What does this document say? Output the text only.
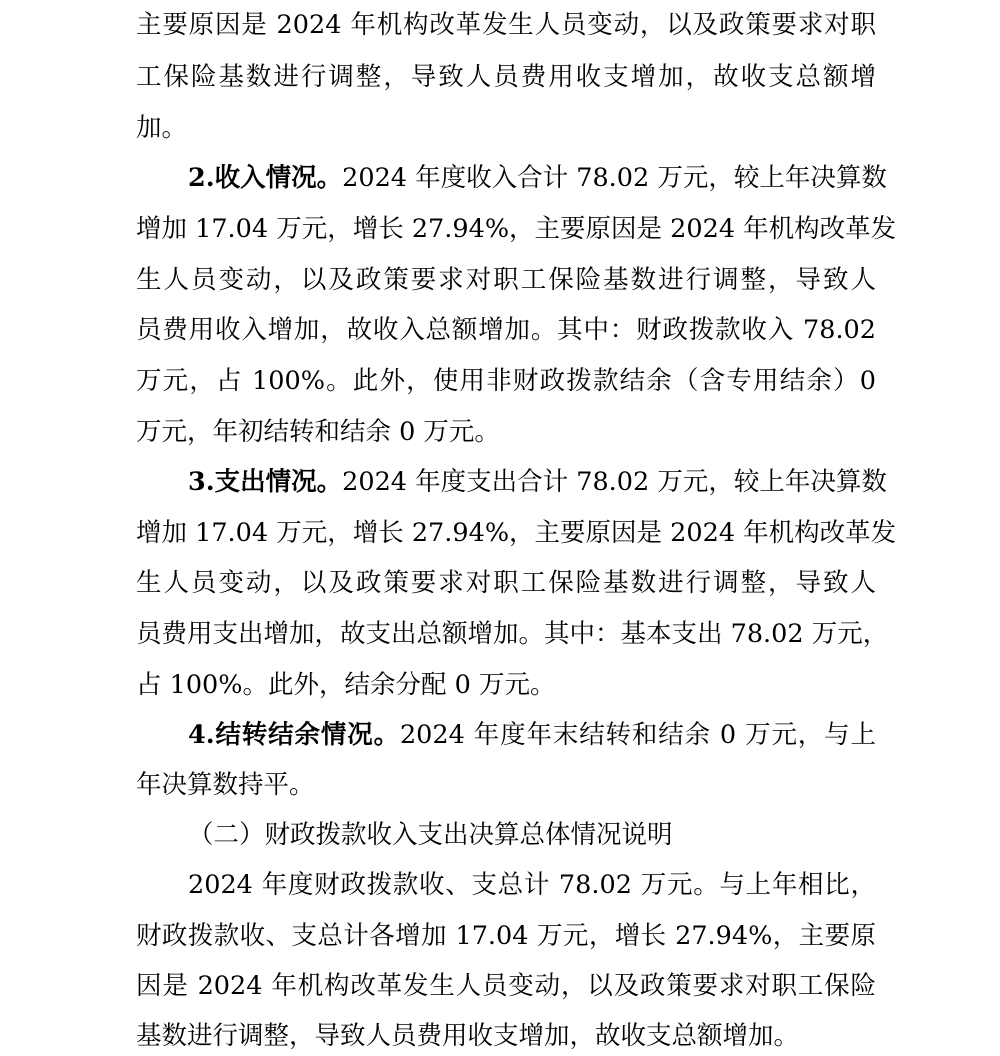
主要原因是 2024 年机构改革发生人员变动，以及政策要求对职
工保险基数进行调整，导致人员费用收支增加，故收支总额增
加。
2.收入情况。2024 年度收入合计 78.02 万元，较上年决算数
增加 17.04 万元，增长 27.94%，主要原因是 2024 年机构改革发
生人员变动，以及政策要求对职工保险基数进行调整，导致人
员费用收入增加，故收入总额增加。其中：财政拨款收入 78.02
万元，占 100%。此外，使用非财政拨款结余（含专用结余）0
万元，年初结转和结余 0 万元。
3.支出情况。2024 年度支出合计 78.02 万元，较上年决算数
增加 17.04 万元，增长 27.94%，主要原因是 2024 年机构改革发
生人员变动，以及政策要求对职工保险基数进行调整，导致人
员费用支出增加，故支出总额增加。其中：基本支出 78.02 万元，
占 100%。此外，结余分配 0 万元。
4.结转结余情况。2024 年度年末结转和结余 0 万元，与上
年决算数持平。
（二）财政拨款收入支出决算总体情况说明
2024 年度财政拨款收、支总计 78.02 万元。与上年相比，
财政拨款收、支总计各增加 17.04 万元，增长 27.94%，主要原
因是 2024 年机构改革发生人员变动，以及政策要求对职工保险
基数进行调整，导致人员费用收支增加，故收支总额增加。
